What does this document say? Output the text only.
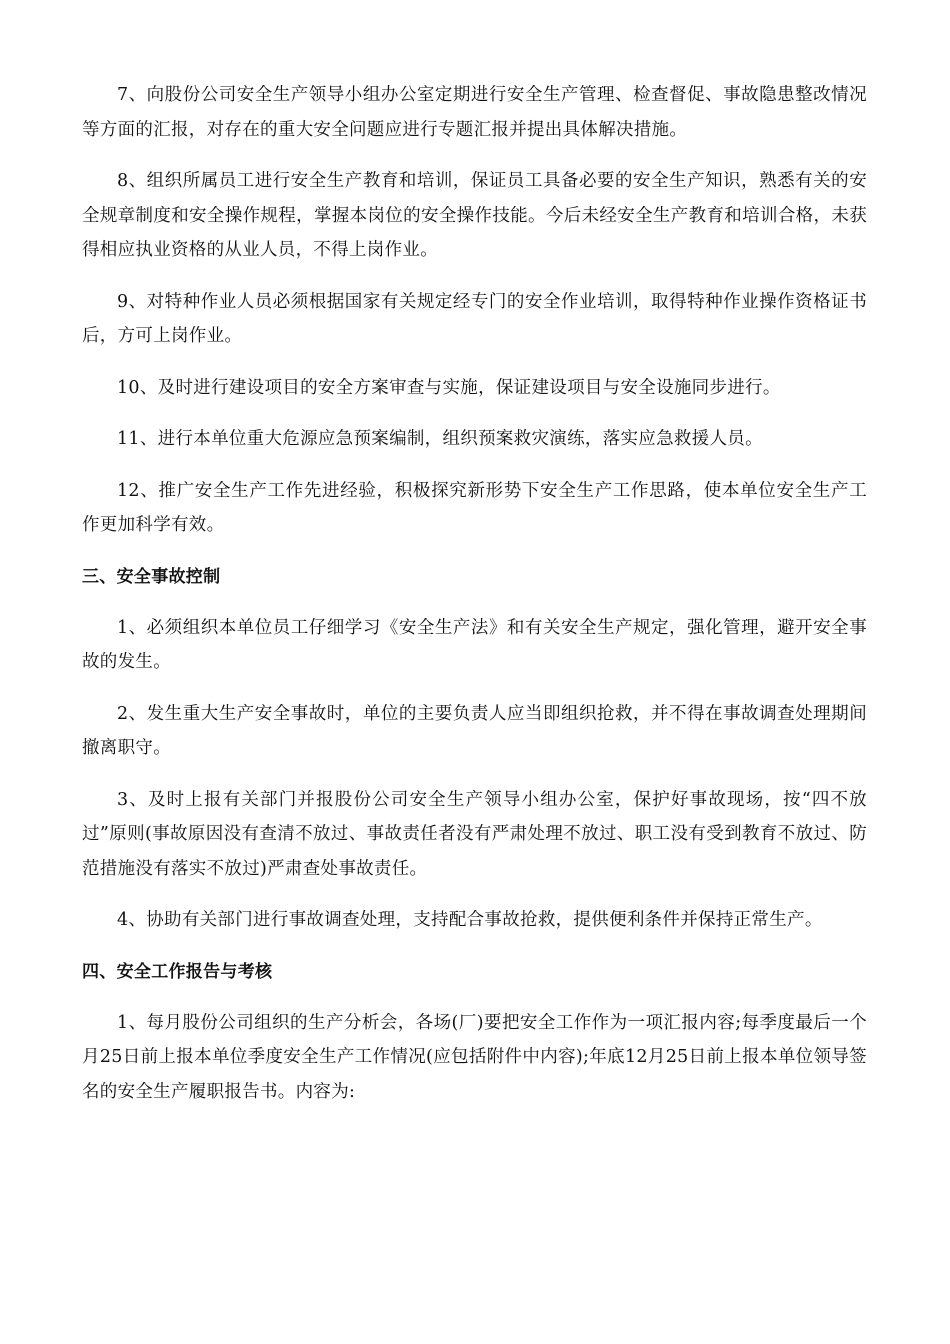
7、向股份公司安全生产领导小组办公室定期进行安全生产管理、检查督促、事故隐患整改情况等方面的汇报，对存在的重大安全问题应进行专题汇报并提出具体解决措施。

8、组织所属员工进行安全生产教育和培训，保证员工具备必要的安全生产知识，熟悉有关的安全规章制度和安全操作规程，掌握本岗位的安全操作技能。今后未经安全生产教育和培训合格，未获得相应执业资格的从业人员，不得上岗作业。

9、对特种作业人员必须根据国家有关规定经专门的安全作业培训，取得特种作业操作资格证书后，方可上岗作业。

10、及时进行建设项目的安全方案审查与实施，保证建设项目与安全设施同步进行。

11、进行本单位重大危源应急预案编制，组织预案救灾演练，落实应急救援人员。

12、推广安全生产工作先进经验，积极探究新形势下安全生产工作思路，使本单位安全生产工作更加科学有效。

三、安全事故控制

1、必须组织本单位员工仔细学习《安全生产法》和有关安全生产规定，强化管理，避开安全事故的发生。

2、发生重大生产安全事故时，单位的主要负责人应当即组织抢救，并不得在事故调查处理期间撤离职守。

3、及时上报有关部门并报股份公司安全生产领导小组办公室，保护好事故现场，按“四不放过”原则(事故原因没有查清不放过、事故责任者没有严肃处理不放过、职工没有受到教育不放过、防范措施没有落实不放过)严肃查处事故责任。

4、协助有关部门进行事故调查处理，支持配合事故抢救，提供便利条件并保持正常生产。

四、安全工作报告与考核

1、每月股份公司组织的生产分析会，各场(厂)要把安全工作作为一项汇报内容;每季度最后一个月25日前上报本单位季度安全生产工作情况(应包括附件中内容);年底12月25日前上报本单位领导签名的安全生产履职报告书。内容为:
